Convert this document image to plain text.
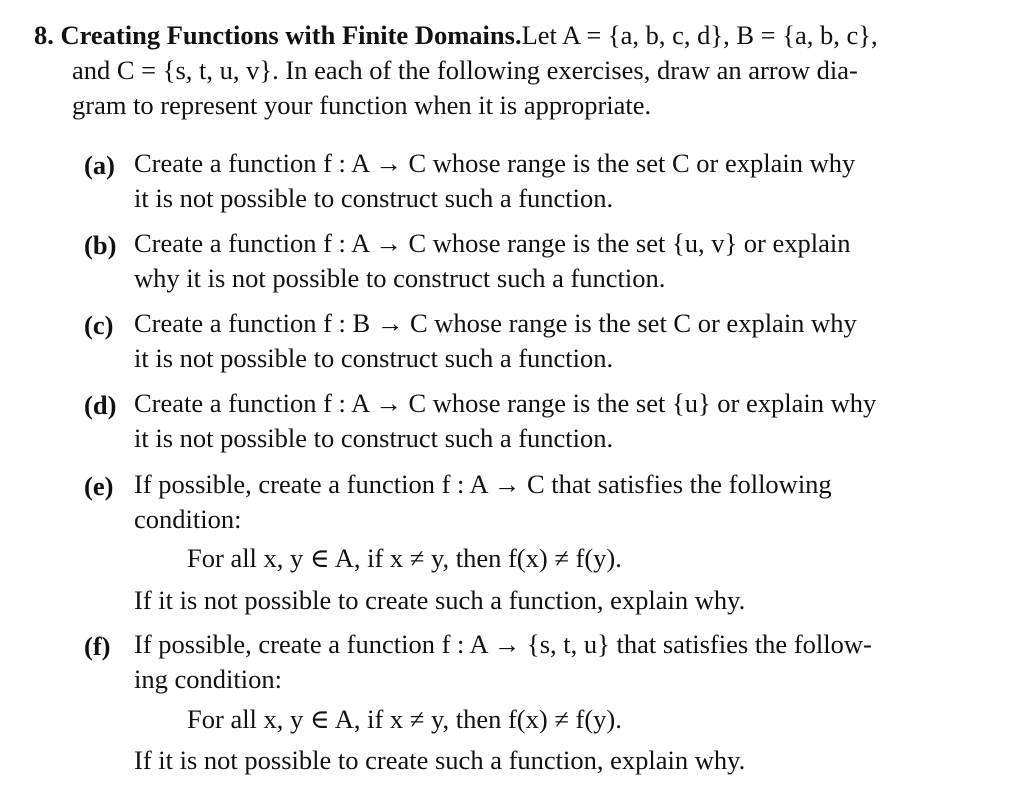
8. Creating Functions with Finite Domains.Let A = {a, b, c, d}, B = {a, b, c},
and C = {s, t, u, v}. In each of the following exercises, draw an arrow dia-
gram to represent your function when it is appropriate.
(a) Create a function f : A → C whose range is the set C or explain why
it is not possible to construct such a function.
(b) Create a function f : A → C whose range is the set {u, v} or explain
why it is not possible to construct such a function.
(c) Create a function f : B → C whose range is the set C or explain why
it is not possible to construct such a function.
(d) Create a function f : A → C whose range is the set {u} or explain why
it is not possible to construct such a function.
(e) If possible, create a function f : A → C that satisfies the following
condition:
For all x, y ∈ A, if x ≠ y, then f(x) ≠ f(y).
If it is not possible to create such a function, explain why.
(f) If possible, create a function f : A → {s, t, u} that satisfies the follow-
ing condition:
For all x, y ∈ A, if x ≠ y, then f(x) ≠ f(y).
If it is not possible to create such a function, explain why.
